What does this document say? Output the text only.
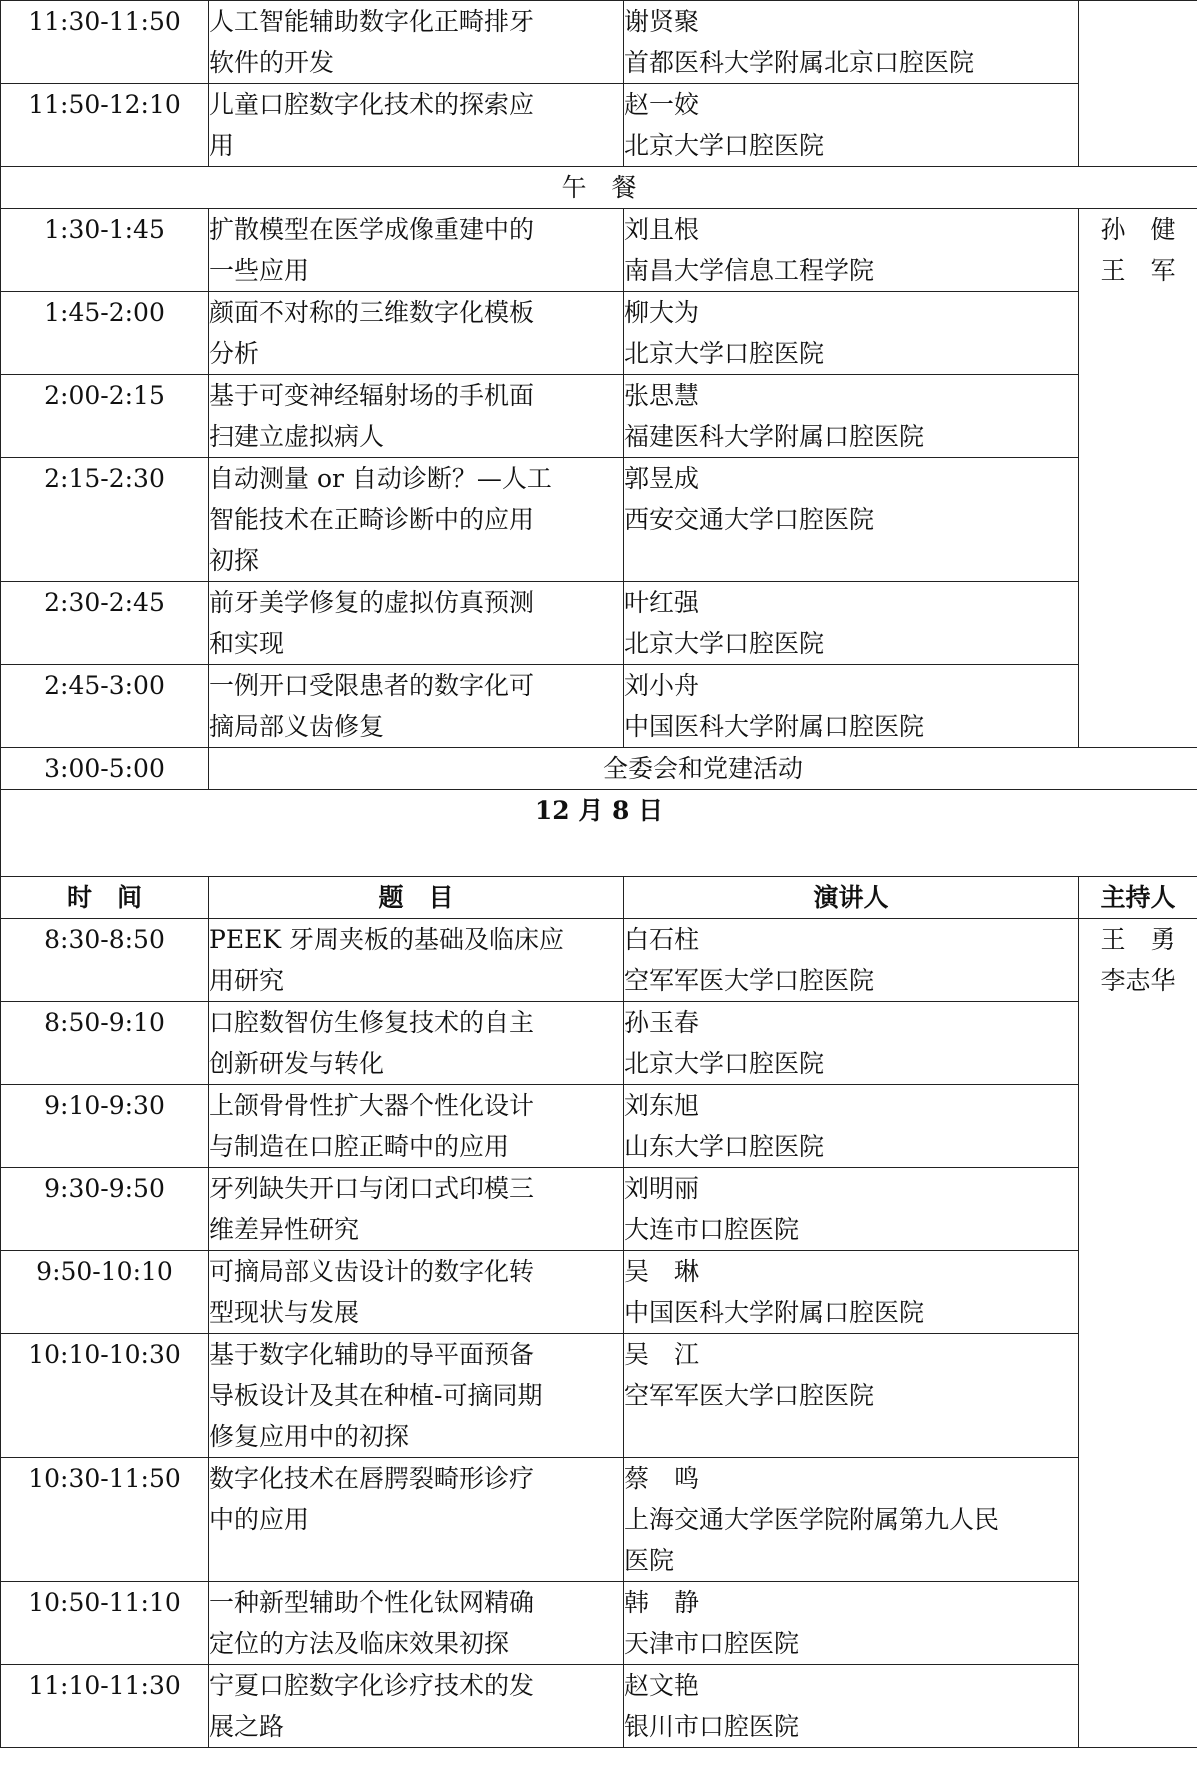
11:30-11:50	人工智能辅助数字化正畸排牙
软件的开发	谢贤聚
首都医科大学附属北京口腔医院	

11:50-12:10	儿童口腔数字化技术的探索应
用	赵一姣
北京大学口腔医院	

午　餐			
1:30-1:45	扩散模型在医学成像重建中的
一些应用	刘且根
南昌大学信息工程学院	孙　健
王　军

1:45-2:00	颜面不对称的三维数字化模板
分析	柳大为
北京大学口腔医院	

2:00-2:15	基于可变神经辐射场的手机面
扫建立虚拟病人	张思慧
福建医科大学附属口腔医院	

2:15-2:30	自动测量 or 自动诊断？—人工
智能技术在正畸诊断中的应用
初探	郭昱成
西安交通大学口腔医院	

2:30-2:45	前牙美学修复的虚拟仿真预测
和实现	叶红强
北京大学口腔医院	

2:45-3:00	一例开口受限患者的数字化可
摘局部义齿修复	刘小舟
中国医科大学附属口腔医院	

3:00-5:00	全委会和党建活动		
12 月 8 日			
时　间	题　目	演讲人	主持人
8:30-8:50	PEEK 牙周夹板的基础及临床应
用研究	白石柱
空军军医大学口腔医院	王　勇
李志华

8:50-9:10	口腔数智仿生修复技术的自主
创新研发与转化	孙玉春
北京大学口腔医院	

9:10-9:30	上颌骨骨性扩大器个性化设计
与制造在口腔正畸中的应用	刘东旭
山东大学口腔医院	

9:30-9:50	牙列缺失开口与闭口式印模三
维差异性研究	刘明丽
大连市口腔医院	

9:50-10:10	可摘局部义齿设计的数字化转
型现状与发展	吴　琳
中国医科大学附属口腔医院	

10:10-10:30	基于数字化辅助的导平面预备
导板设计及其在种植-可摘同期
修复应用中的初探	吴　江
空军军医大学口腔医院	

10:30-11:50	数字化技术在唇腭裂畸形诊疗
中的应用	蔡　鸣
上海交通大学医学院附属第九人民
医院	

10:50-11:10	一种新型辅助个性化钛网精确
定位的方法及临床效果初探	韩　静
天津市口腔医院	

11:10-11:30	宁夏口腔数字化诊疗技术的发
展之路	赵文艳
银川市口腔医院	
